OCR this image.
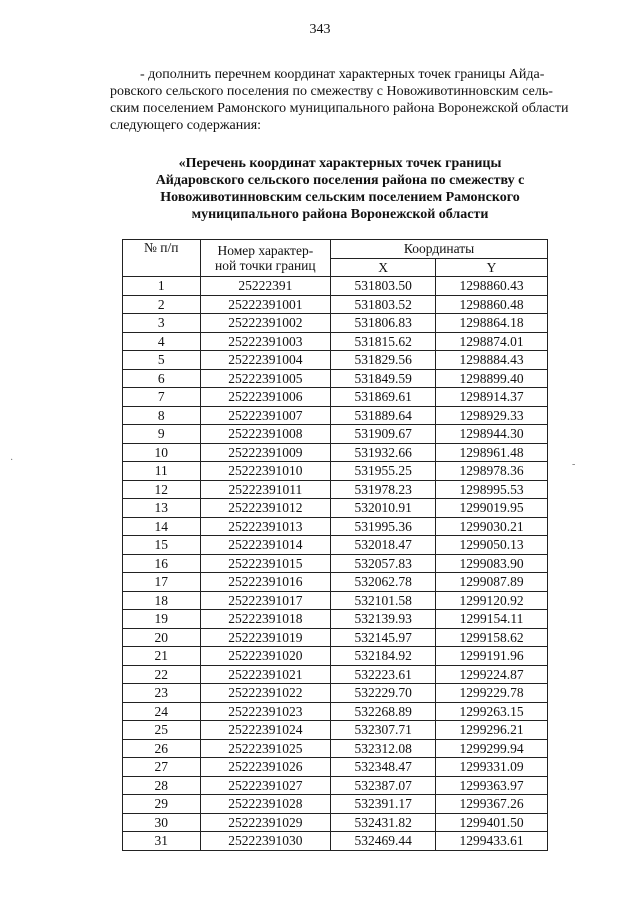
343
- дополнить перечнем координат характерных точек границы Айда-
ровского сельского поселения по смежеству с Новоживотинновским сель-
ским поселением Рамонского муниципального района Воронежской области
следующего содержания:
«Перечень координат характерных точек границы
Айдаровского сельского поселения района по смежеству с
Новоживотинновским сельским поселением Рамонского
муниципального района Воронежской области
№ п/п	Номер характер-
ной точки границ	Координаты	
		X	Y
1	25222391	531803.50	1298860.43
2	25222391001	531803.52	1298860.48
3	25222391002	531806.83	1298864.18
4	25222391003	531815.62	1298874.01
5	25222391004	531829.56	1298884.43
6	25222391005	531849.59	1298899.40
7	25222391006	531869.61	1298914.37
8	25222391007	531889.64	1298929.33
9	25222391008	531909.67	1298944.30
10	25222391009	531932.66	1298961.48
11	25222391010	531955.25	1298978.36
12	25222391011	531978.23	1298995.53
13	25222391012	532010.91	1299019.95
14	25222391013	531995.36	1299030.21
15	25222391014	532018.47	1299050.13
16	25222391015	532057.83	1299083.90
17	25222391016	532062.78	1299087.89
18	25222391017	532101.58	1299120.92
19	25222391018	532139.93	1299154.11
20	25222391019	532145.97	1299158.62
21	25222391020	532184.92	1299191.96
22	25222391021	532223.61	1299224.87
23	25222391022	532229.70	1299229.78
24	25222391023	532268.89	1299263.15
25	25222391024	532307.71	1299296.21
26	25222391025	532312.08	1299299.94
27	25222391026	532348.47	1299331.09
28	25222391027	532387.07	1299363.97
29	25222391028	532391.17	1299367.26
30	25222391029	532431.82	1299401.50
31	25222391030	532469.44	1299433.61
·	-
